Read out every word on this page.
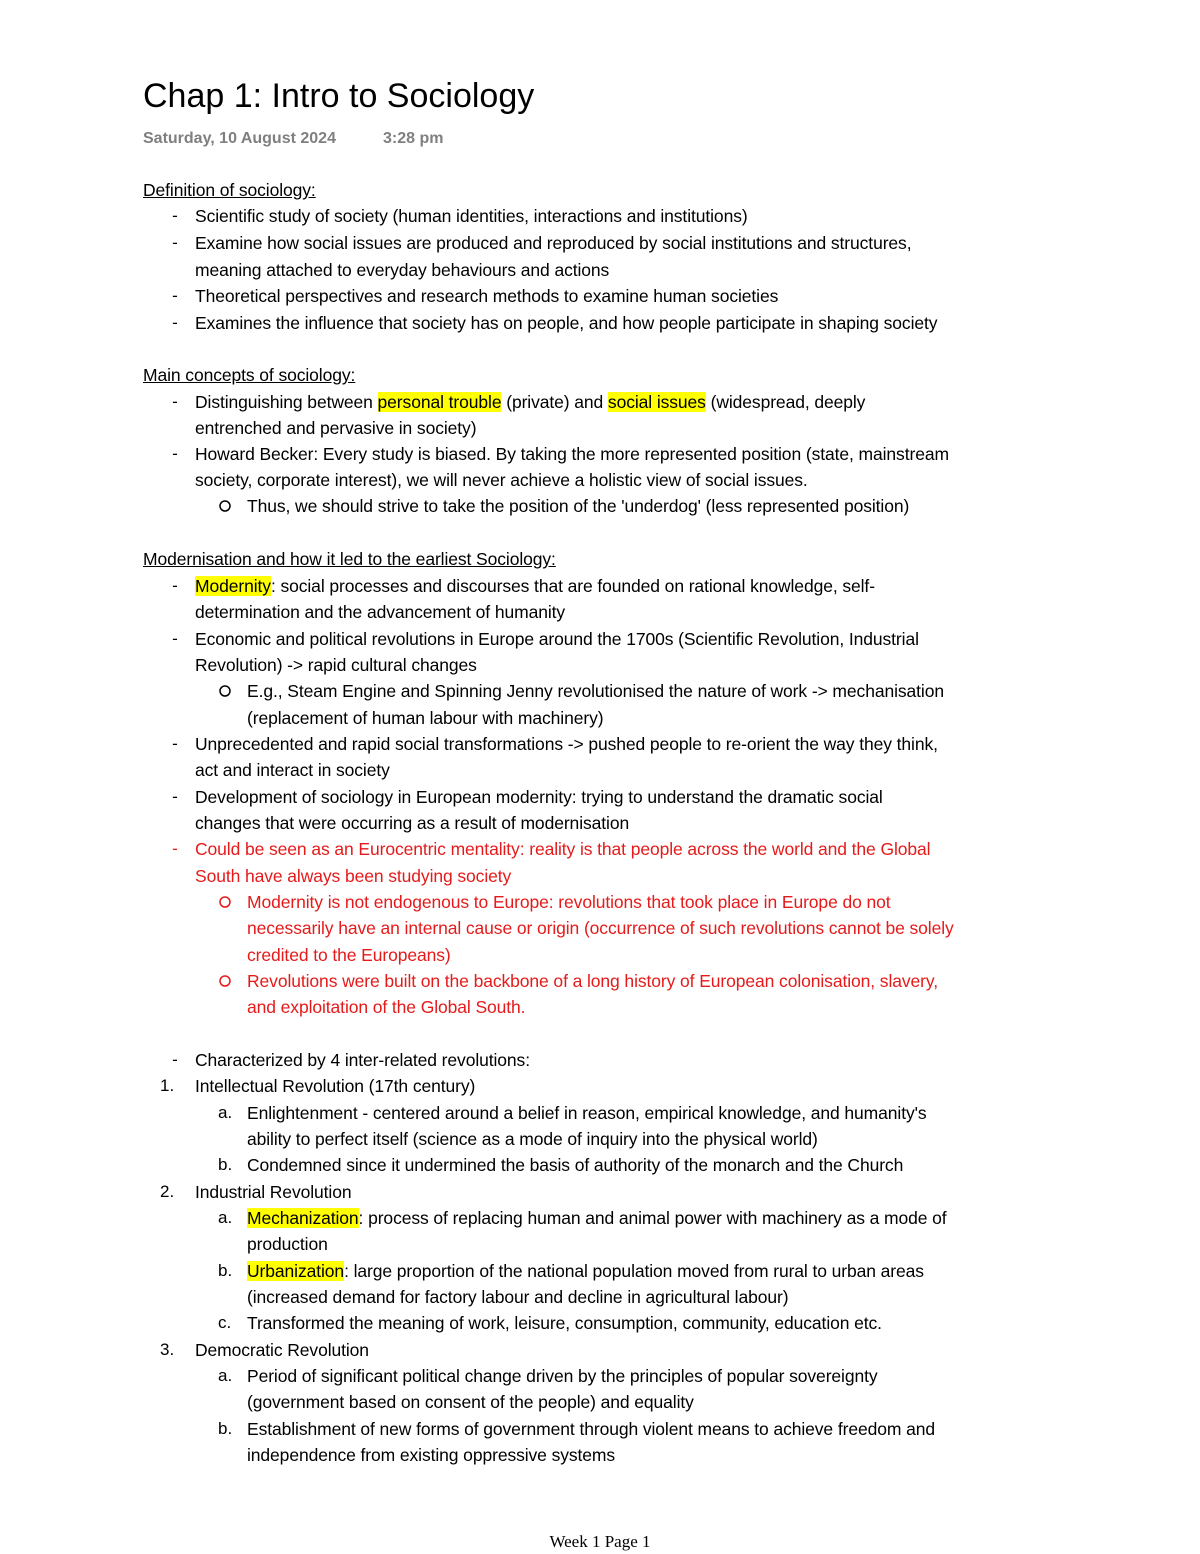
Chap 1: Intro to Sociology
Saturday, 10 August 2024	3:28 pm
Definition of sociology:
- Scientific study of society (human identities, interactions and institutions)
- Examine how social issues are produced and reproduced by social institutions and structures,
meaning attached to everyday behaviours and actions
- Theoretical perspectives and research methods to examine human societies
- Examines the influence that society has on people, and how people participate in shaping society
Main concepts of sociology:
- Distinguishing between personal trouble (private) and social issues (widespread, deeply
entrenched and pervasive in society)
- Howard Becker: Every study is biased. By taking the more represented position (state, mainstream
society, corporate interest), we will never achieve a holistic view of social issues.
Thus, we should strive to take the position of the 'underdog' (less represented position)
Modernisation and how it led to the earliest Sociology:
- Modernity: social processes and discourses that are founded on rational knowledge, self-
determination and the advancement of humanity
- Economic and political revolutions in Europe around the 1700s (Scientific Revolution, Industrial
Revolution) -> rapid cultural changes
E.g., Steam Engine and Spinning Jenny revolutionised the nature of work -> mechanisation
(replacement of human labour with machinery)
- Unprecedented and rapid social transformations -> pushed people to re-orient the way they think,
act and interact in society
- Development of sociology in European modernity: trying to understand the dramatic social
changes that were occurring as a result of modernisation
- Could be seen as an Eurocentric mentality: reality is that people across the world and the Global
South have always been studying society
Modernity is not endogenous to Europe: revolutions that took place in Europe do not
necessarily have an internal cause or origin (occurrence of such revolutions cannot be solely
credited to the Europeans)
Revolutions were built on the backbone of a long history of European colonisation, slavery,
and exploitation of the Global South.
- Characterized by 4 inter-related revolutions:
1. Intellectual Revolution (17th century)
a. Enlightenment - centered around a belief in reason, empirical knowledge, and humanity's
ability to perfect itself (science as a mode of inquiry into the physical world)
b. Condemned since it undermined the basis of authority of the monarch and the Church
2. Industrial Revolution
a. Mechanization: process of replacing human and animal power with machinery as a mode of
production
b. Urbanization: large proportion of the national population moved from rural to urban areas
(increased demand for factory labour and decline in agricultural labour)
c. Transformed the meaning of work, leisure, consumption, community, education etc.
3. Democratic Revolution
a. Period of significant political change driven by the principles of popular sovereignty
(government based on consent of the people) and equality
b. Establishment of new forms of government through violent means to achieve freedom and
independence from existing oppressive systems
Week 1 Page 1
